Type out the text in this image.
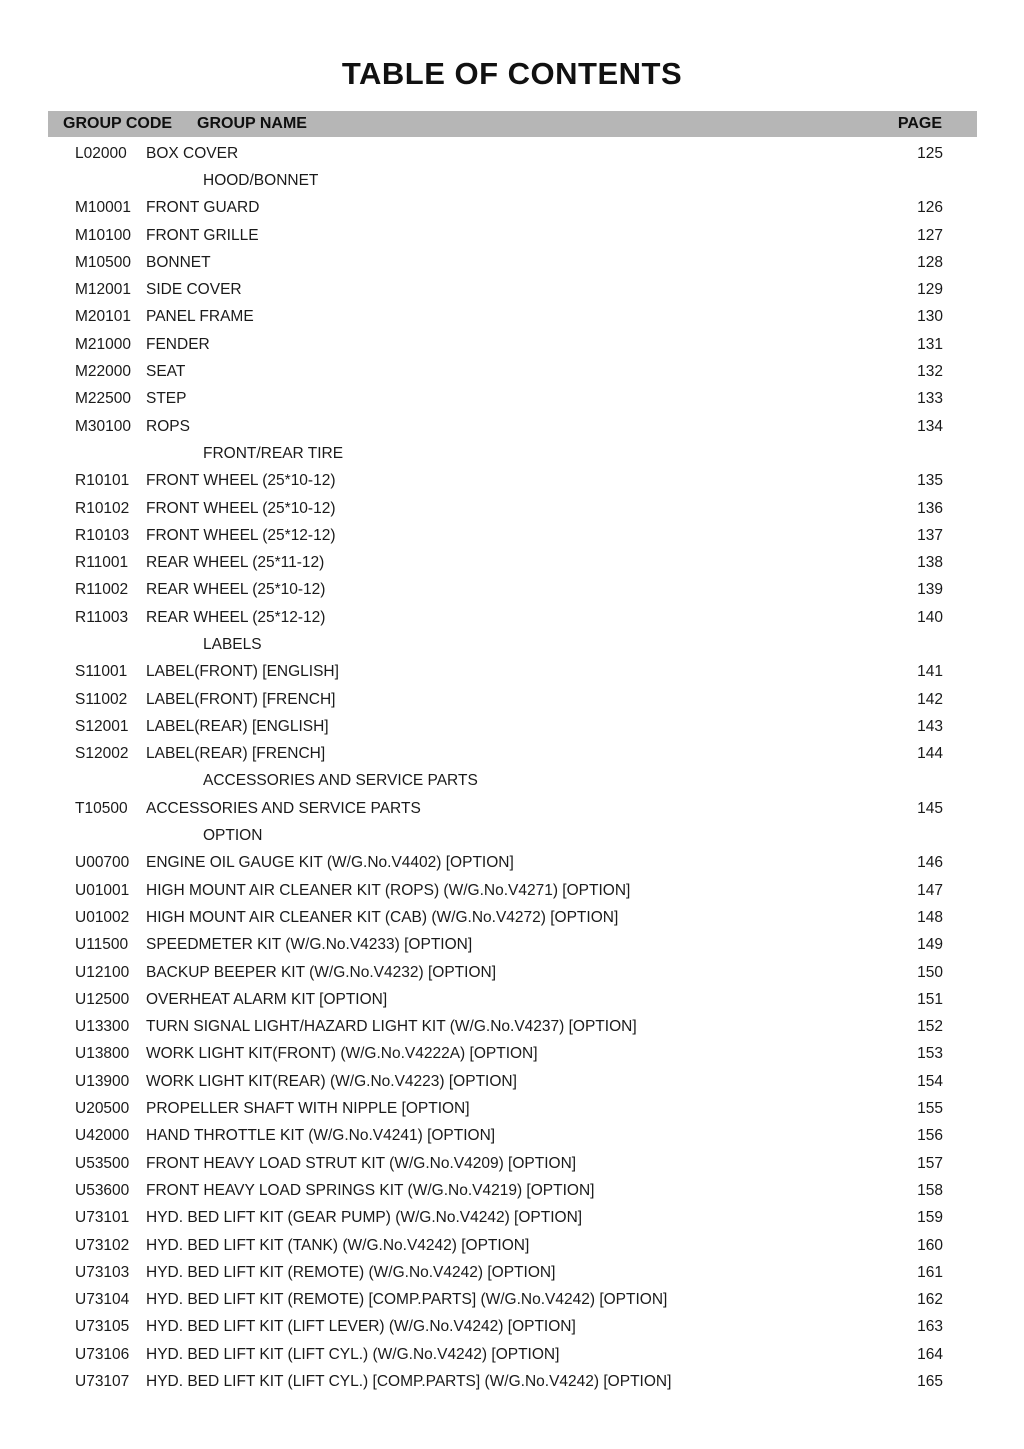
TABLE OF CONTENTS
GROUP CODE	GROUP NAME	PAGE
L02000	BOX COVER	125
HOOD/BONNET
M10001 FRONT GUARD	126
M10100 FRONT GRILLE	127
M10500 BONNET	128
M12001 SIDE COVER	129
M20101 PANEL FRAME	130
M21000 FENDER	131
M22000 SEAT	132
M22500 STEP	133
M30100 ROPS	134
FRONT/REAR TIRE
R10101	FRONT WHEEL (25*10-12)	135
R10102	FRONT WHEEL (25*10-12)	136
R10103	FRONT WHEEL (25*12-12)	137
R11001	REAR WHEEL (25*11-12)	138
R11002	REAR WHEEL (25*10-12)	139
R11003	REAR WHEEL (25*12-12)	140
LABELS
S11001	LABEL(FRONT) [ENGLISH]	141
S11002	LABEL(FRONT) [FRENCH]	142
S12001	LABEL(REAR) [ENGLISH]	143
S12002	LABEL(REAR) [FRENCH]	144
ACCESSORIES AND SERVICE PARTS
T10500	ACCESSORIES AND SERVICE PARTS	145
OPTION
U00700	ENGINE OIL GAUGE KIT (W/G.No.V4402) [OPTION]	146
U01001	HIGH MOUNT AIR CLEANER KIT (ROPS) (W/G.No.V4271) [OPTION]	147
U01002	HIGH MOUNT AIR CLEANER KIT (CAB) (W/G.No.V4272) [OPTION]	148
U11500	SPEEDMETER KIT (W/G.No.V4233) [OPTION]	149
U12100	BACKUP BEEPER KIT (W/G.No.V4232) [OPTION]	150
U12500	OVERHEAT ALARM KIT [OPTION]	151
U13300	TURN SIGNAL LIGHT/HAZARD LIGHT KIT (W/G.No.V4237) [OPTION]	152
U13800	WORK LIGHT KIT(FRONT) (W/G.No.V4222A) [OPTION]	153
U13900	WORK LIGHT KIT(REAR) (W/G.No.V4223) [OPTION]	154
U20500	PROPELLER SHAFT WITH NIPPLE [OPTION]	155
U42000	HAND THROTTLE KIT (W/G.No.V4241) [OPTION]	156
U53500	FRONT HEAVY LOAD STRUT KIT (W/G.No.V4209) [OPTION]	157
U53600	FRONT HEAVY LOAD SPRINGS KIT (W/G.No.V4219) [OPTION]	158
U73101	HYD. BED LIFT KIT (GEAR PUMP) (W/G.No.V4242) [OPTION]	159
U73102	HYD. BED LIFT KIT (TANK) (W/G.No.V4242) [OPTION]	160
U73103	HYD. BED LIFT KIT (REMOTE) (W/G.No.V4242) [OPTION]	161
U73104	HYD. BED LIFT KIT (REMOTE) [COMP.PARTS] (W/G.No.V4242) [OPTION]	162
U73105	HYD. BED LIFT KIT (LIFT LEVER) (W/G.No.V4242) [OPTION]	163
U73106	HYD. BED LIFT KIT (LIFT CYL.) (W/G.No.V4242) [OPTION]	164
U73107	HYD. BED LIFT KIT (LIFT CYL.) [COMP.PARTS] (W/G.No.V4242) [OPTION]	165
